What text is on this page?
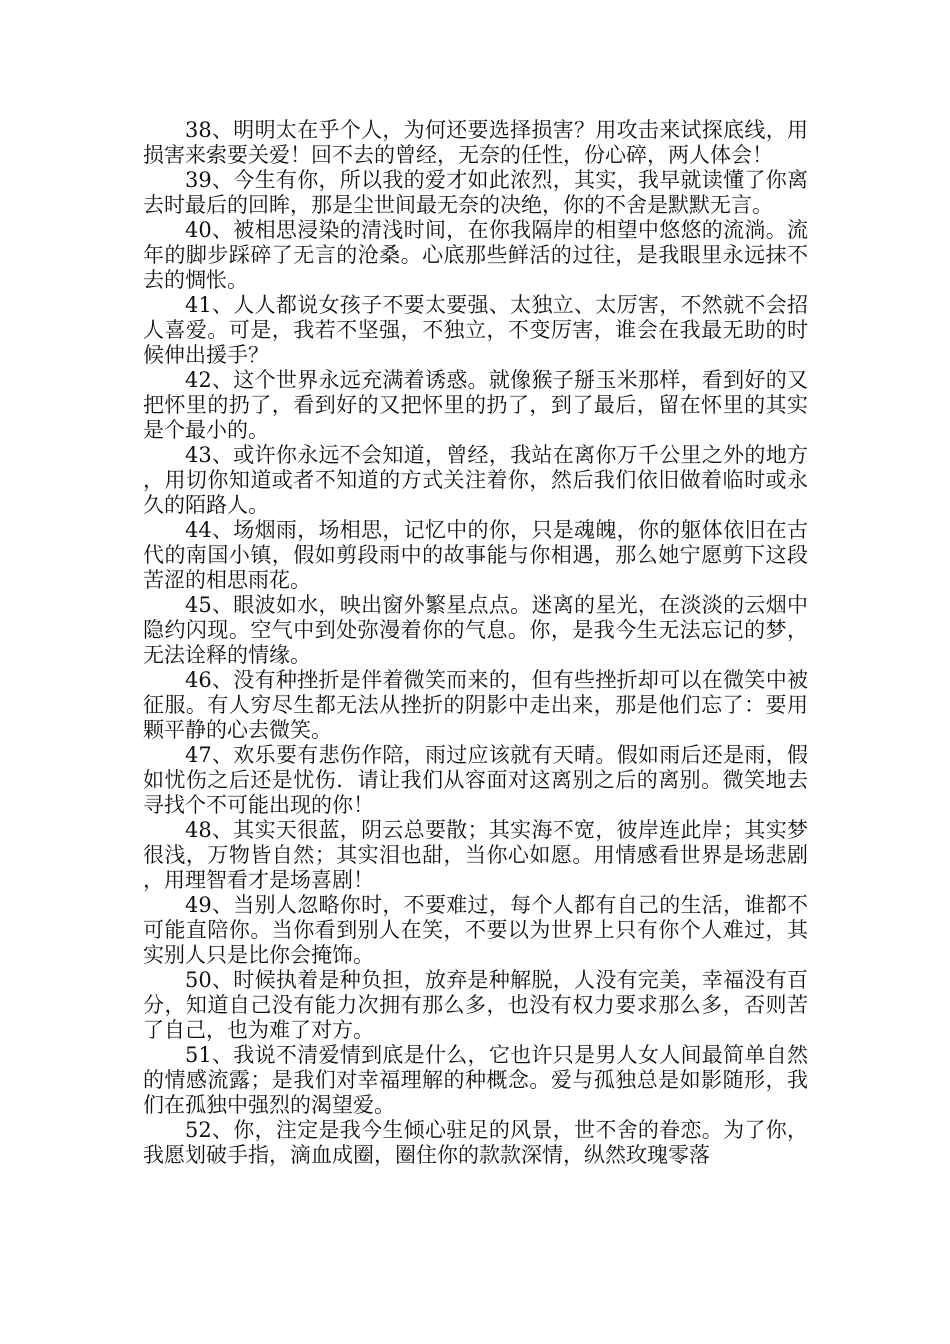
38、明明太在乎个人，为何还要选择损害？用攻击来试探底线，用损害来索要关爱！回不去的曾经，无奈的任性，份心碎，两人体会！

39、今生有你，所以我的爱才如此浓烈，其实，我早就读懂了你离去时最后的回眸，那是尘世间最无奈的决绝，你的不舍是默默无言。

40、被相思浸染的清浅时间，在你我隔岸的相望中悠悠的流淌。流年的脚步踩碎了无言的沧桑。心底那些鲜活的过往，是我眼里永远抹不去的惆怅。

41、人人都说女孩子不要太要强、太独立、太厉害，不然就不会招人喜爱。可是，我若不坚强，不独立，不变厉害，谁会在我最无助的时候伸出援手？

42、这个世界永远充满着诱惑。就像猴子掰玉米那样，看到好的又把怀里的扔了，看到好的又把怀里的扔了，到了最后，留在怀里的其实是个最小的。

43、或许你永远不会知道，曾经，我站在离你万千公里之外的地方，用切你知道或者不知道的方式关注着你，然后我们依旧做着临时或永久的陌路人。

44、场烟雨，场相思，记忆中的你，只是魂魄，你的躯体依旧在古代的南国小镇，假如剪段雨中的故事能与你相遇，那么她宁愿剪下这段苦涩的相思雨花。

45、眼波如水，映出窗外繁星点点。迷离的星光，在淡淡的云烟中隐约闪现。空气中到处弥漫着你的气息。你，是我今生无法忘记的梦，无法诠释的情缘。

46、没有种挫折是伴着微笑而来的，但有些挫折却可以在微笑中被征服。有人穷尽生都无法从挫折的阴影中走出来，那是他们忘了：要用颗平静的心去微笑。

47、欢乐要有悲伤作陪，雨过应该就有天晴。假如雨后还是雨，假如忧伤之后还是忧伤．请让我们从容面对这离别之后的离别。微笑地去寻找个不可能出现的你！

48、其实天很蓝，阴云总要散；其实海不宽，彼岸连此岸；其实梦很浅，万物皆自然；其实泪也甜，当你心如愿。用情感看世界是场悲剧，用理智看才是场喜剧！

49、当别人忽略你时，不要难过，每个人都有自己的生活，谁都不可能直陪你。当你看到别人在笑，不要以为世界上只有你个人难过，其实别人只是比你会掩饰。

50、时候执着是种负担，放弃是种解脱，人没有完美，幸福没有百分，知道自己没有能力次拥有那么多，也没有权力要求那么多，否则苦了自己，也为难了对方。

51、我说不清爱情到底是什么，它也许只是男人女人间最简单自然的情感流露；是我们对幸福理解的种概念。爱与孤独总是如影随形，我们在孤独中强烈的渴望爱。

52、你，注定是我今生倾心驻足的风景，世不舍的眷恋。为了你，我愿划破手指，滴血成圈，圈住你的款款深情，纵然玫瑰零落
